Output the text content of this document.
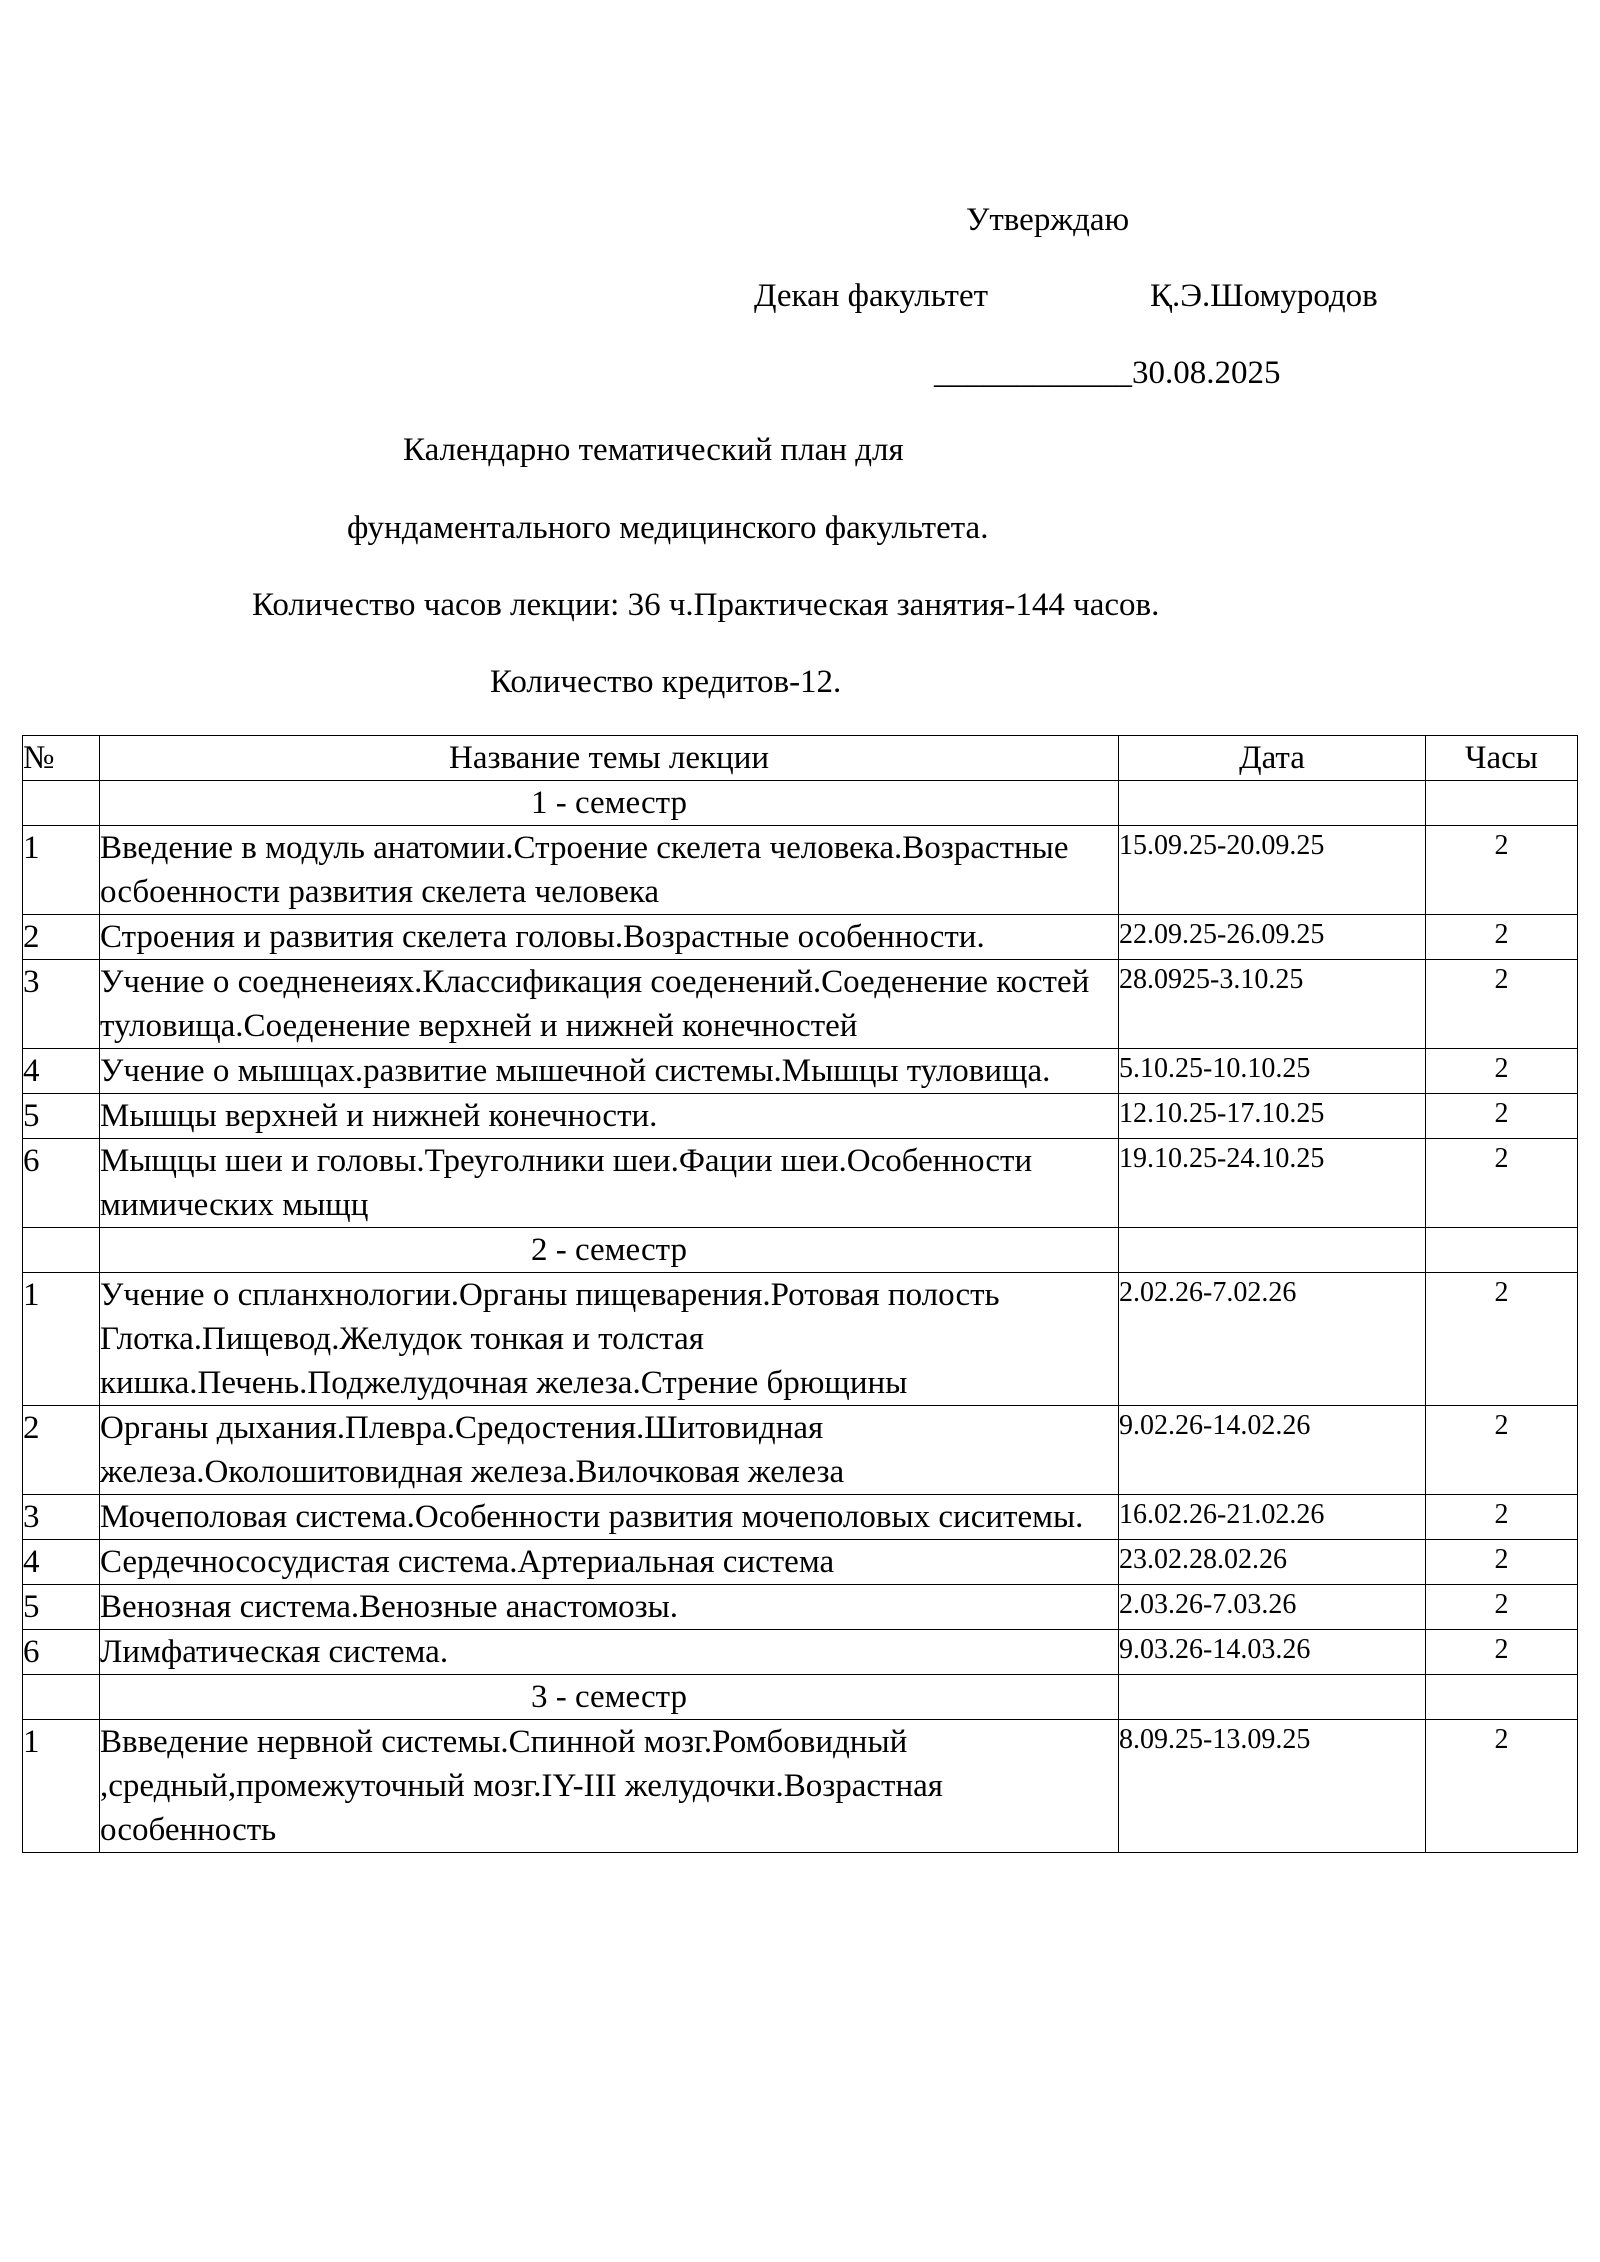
Утверждаю
Декан факультет	Қ.Э.Шомуродов
____________30.08.2025
Календарно тематический план для
фундаментального медицинского факультета.
Количество часов лекции: 36 ч.Практическая занятия-144 часов.
Количество кредитов-12.
№	Название темы лекции	Дата	Часы
	1 - семестр		
1	Введение в модуль анатомии.Строение скелета человека.Возрастные осбоенности развития скелета человека	15.09.25-20.09.25	2
2	Строения и развития скелета головы.Возрастные особенности.	22.09.25-26.09.25	2
3	Учение о соедненеиях.Классификация соеденений.Соеденение костей туловища.Соеденение верхней и нижней конечностей	28.0925-3.10.25	2
4	Учение о мышцах.развитие мышечной системы.Мышцы туловища.	5.10.25-10.10.25	2
5	Мышцы верхней и нижней конечности.	12.10.25-17.10.25	2
6	Мыщцы шеи и головы.Треуголники шеи.Фации шеи.Особенности мимических мыщц	19.10.25-24.10.25	2
	2 - семестр		
1	Учение о спланхнологии.Органы пищеварения.Ротовая полость Глотка.Пищевод.Желудок тонкая и толстая кишка.Печень.Поджелудочная железа.Стрение брющины	2.02.26-7.02.26	2
2	Органы дыхания.Плевра.Средостения.Шитовидная железа.Околошитовидная железа.Вилочковая железа	9.02.26-14.02.26	2
3	Мочеполовая система.Особенности развития мочеполовых сиситемы.	16.02.26-21.02.26	2
4	Сердечнососудистая система.Артериальная система	23.02.28.02.26	2
5	Венозная система.Венозные анастомозы.	2.03.26-7.03.26	2
6	Лимфатическая система.	9.03.26-14.03.26	2
	3 - семестр		
1	Ввведение нервной системы.Спинной мозг.Ромбовидный ,средный,промежуточный мозг.IY-III желудочки.Возрастная особенность	8.09.25-13.09.25	2
